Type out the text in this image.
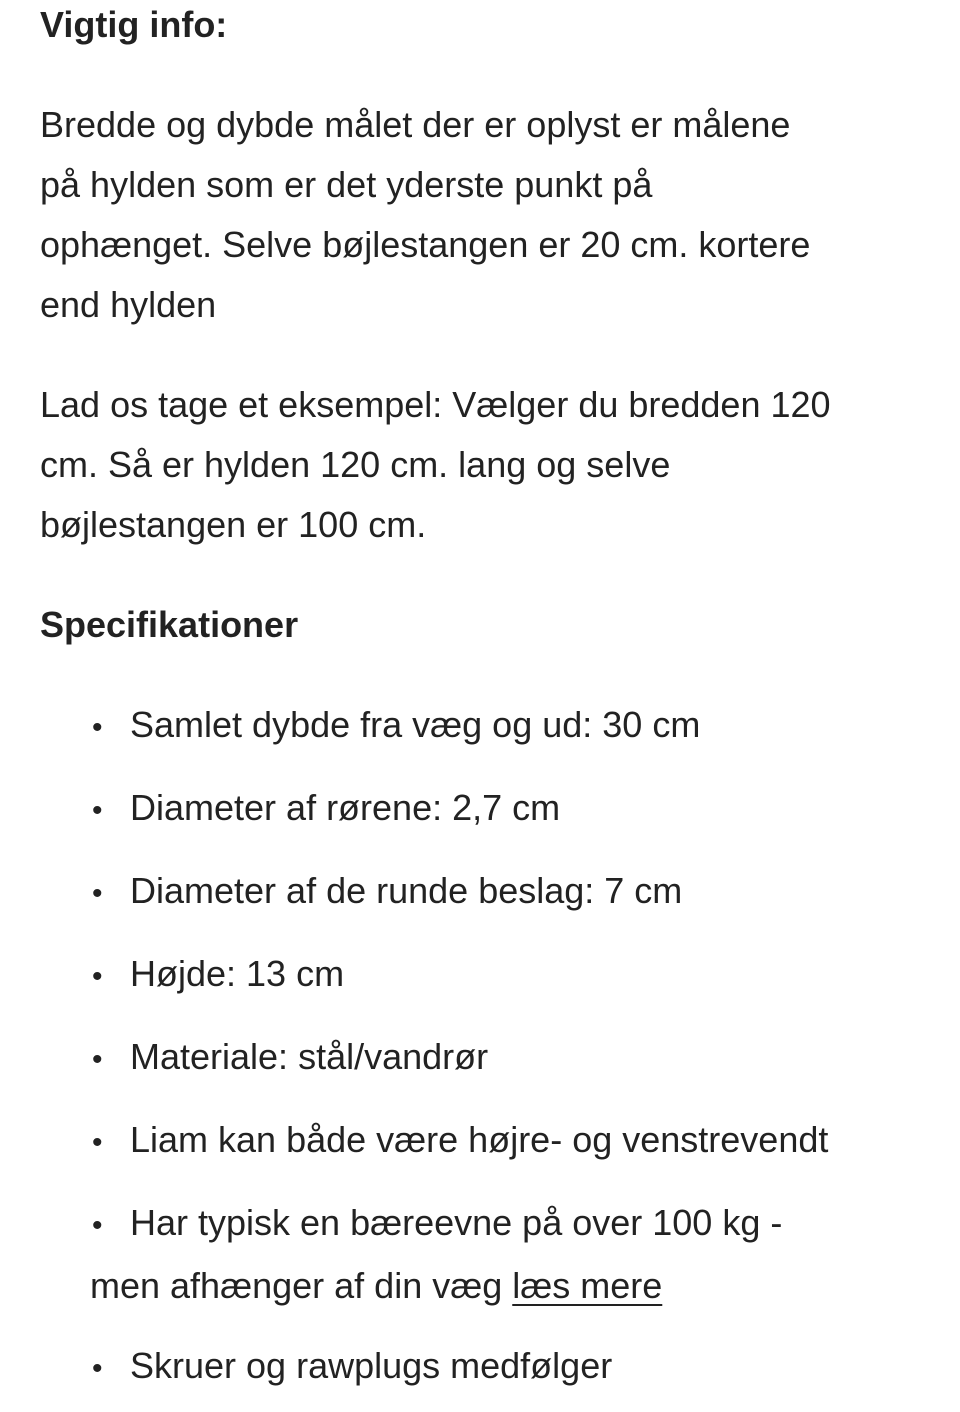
Vigtig info:

Bredde og dybde målet der er oplyst er målene
på hylden som er det yderste punkt på
ophænget. Selve bøjlestangen er 20 cm. kortere
end hylden

Lad os tage et eksempel: Vælger du bredden 120
cm. Så er hylden 120 cm. lang og selve
bøjlestangen er 100 cm.

Specifikationer
• Samlet dybde fra væg og ud: 30 cm
• Diameter af rørene: 2,7 cm
• Diameter af de runde beslag: 7 cm
• Højde: 13 cm
• Materiale: stål/vandrør
• Liam kan både være højre- og venstrevendt
• Har typisk en bæreevne på over 100 kg -
men afhænger af din væg læs mere
• Skruer og rawplugs medfølger
